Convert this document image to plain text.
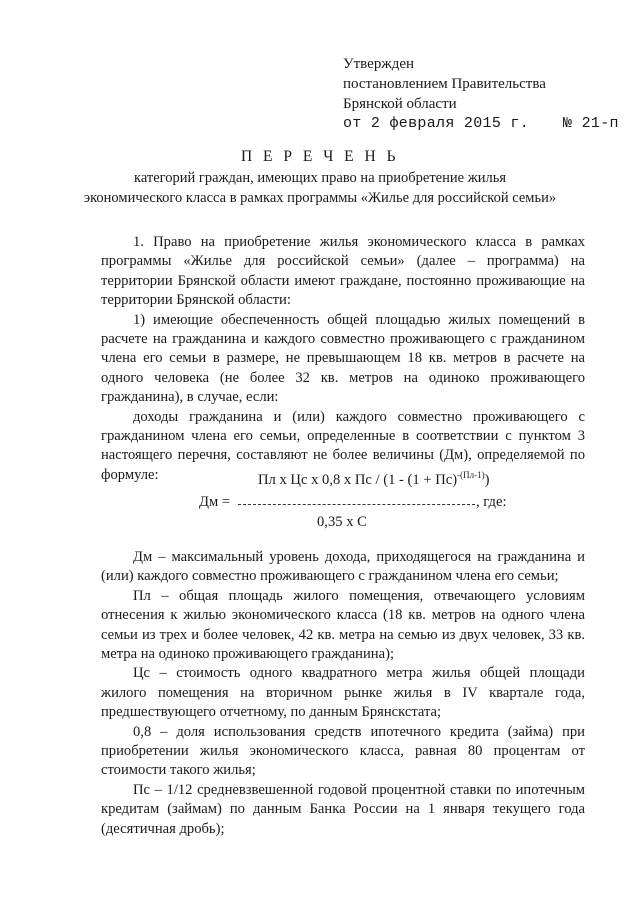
Утвержден
постановлением Правительства
Брянской области
от 2 февраля 2015 г. № 21-п
П Е Р Е Ч Е Н Ь
категорий граждан, имеющих право на приобретение жилья
экономического класса в рамках программы «Жилье для российской семьи»

1. Право на приобретение жилья экономического класса в рамках программы «Жилье для российской семьи» (далее – программа) на территории Брянской области имеют граждане, постоянно проживающие на территории Брянской области:

1) имеющие обеспеченность общей площадью жилых помещений в расчете на гражданина и каждого совместно проживающего с гражданином члена его семьи в размере, не превышающем 18 кв. метров в расчете на одного человека (не более 32 кв. метров на одиноко проживающего гражданина), в случае, если:

доходы гражданина и (или) каждого совместно проживающего с гражданином члена его семьи, определенные в соответствии с пунктом 3 настоящего перечня, составляют не более величины (Дм), определяемой по формуле:	Пл х Цс х 0,8 х Пс / (1 - (1 + Пс)$^{-(Пл-1)}$)
Дм =	, где:
0,35 х С

Дм – максимальный уровень дохода, приходящегося на гражданина и (или) каждого совместно проживающего с гражданином члена его семьи;

Пл – общая площадь жилого помещения, отвечающего условиям отнесения к жилью экономического класса (18 кв. метров на одного члена семьи из трех и более человек, 42 кв. метра на семью из двух человек, 33 кв. метра на одиноко проживающего гражданина);

Цс – стоимость одного квадратного метра жилья общей площади жилого помещения на вторичном рынке жилья в IV квартале года, предшествующего отчетному, по данным Брянскстата;

0,8 – доля использования средств ипотечного кредита (займа) при приобретении жилья экономического класса, равная 80 процентам от стоимости такого жилья;

Пс – 1/12 средневзвешенной годовой процентной ставки по ипотечным кредитам (займам) по данным Банка России на 1 января текущего года (десятичная дробь);
